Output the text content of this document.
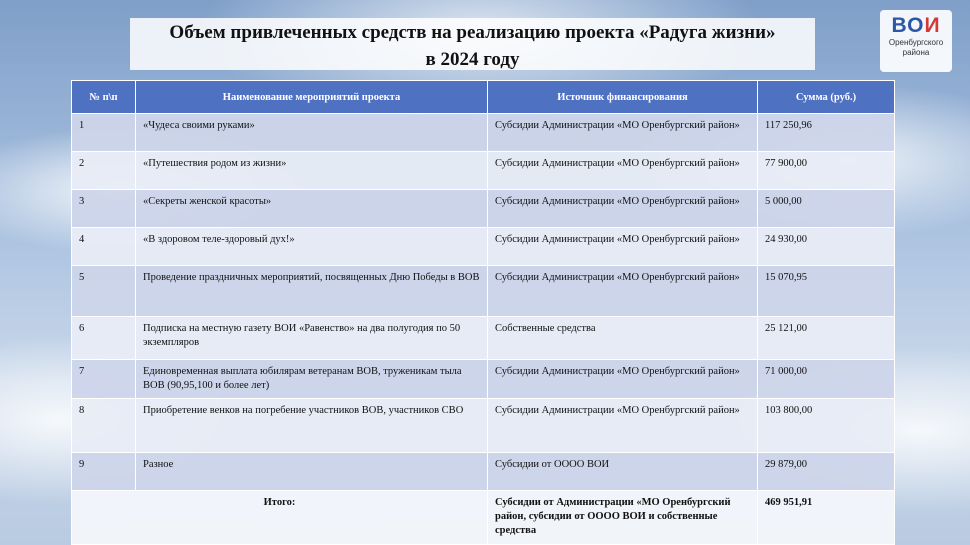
Объем привлеченных средств на реализацию проекта «Радуга жизни»
в 2024 году
ВОИ
Оренбургского
района
№ п\п	Наименование мероприятий проекта	Источник финансирования	Сумма (руб.)
1	«Чудеса своими руками»	Субсидии Администрации «МО Оренбургский район»	117 250,96
2	«Путешествия родом из жизни»	Субсидии Администрации «МО Оренбургский район»	77 900,00
3	«Секреты женской красоты»	Субсидии Администрации «МО Оренбургский район»	5 000,00
4	«В здоровом теле-здоровый дух!»	Субсидии Администрации «МО Оренбургский район»	24 930,00
5	Проведение праздничных мероприятий, посвященных Дню Победы в ВОВ	Субсидии Администрации «МО Оренбургский район»	15 070,95
6	Подписка на местную газету ВОИ «Равенство» на два полугодия по 50 экземпляров	Собственные средства	25 121,00
7	Единовременная выплата юбилярам ветеранам ВОВ, труженикам тыла ВОВ (90,95,100 и более лет)	Субсидии Администрации «МО Оренбургский район»	71 000,00
8	Приобретение венков на погребение участников ВОВ, участников СВО	Субсидии Администрации «МО Оренбургский район»	103 800,00
9	Разное	Субсидии от ОООО ВОИ	29 879,00
Итого:		Субсидии от Администрации «МО Оренбургский район, субсидии от ОООО ВОИ и собственные средства	469 951,91
